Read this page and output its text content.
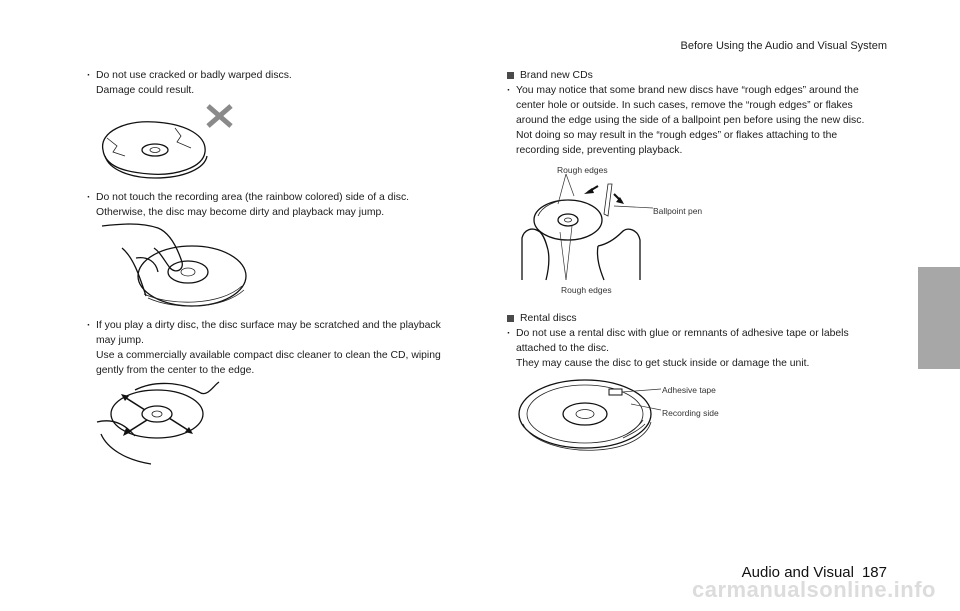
Before Using the Audio and Visual System
· Do not use cracked or badly warped discs.
Damage could result.
· Do not touch the recording area (the rainbow colored) side of a disc.
Otherwise, the disc may become dirty and playback may jump.
· If you play a dirty disc, the disc surface may be scratched and the playback
may jump.
Use a commercially available compact disc cleaner to clean the CD, wiping
gently from the center to the edge.
Brand new CDs
· You may notice that some brand new discs have “rough edges” around the
center hole or outside. In such cases, remove the “rough edges” or flakes
around the edge using the side of a ballpoint pen before using the new disc.
Not doing so may result in the “rough edges” or flakes attaching to the
recording side, preventing playback.
Rough edges
Ballpoint pen
Rough edges
Rental discs
· Do not use a rental disc with glue or remnants of adhesive tape or labels
attached to the disc.
They may cause the disc to get stuck inside or damage the unit.
Adhesive tape
Recording side
Audio and Visual 187
carmanualsonline.info
